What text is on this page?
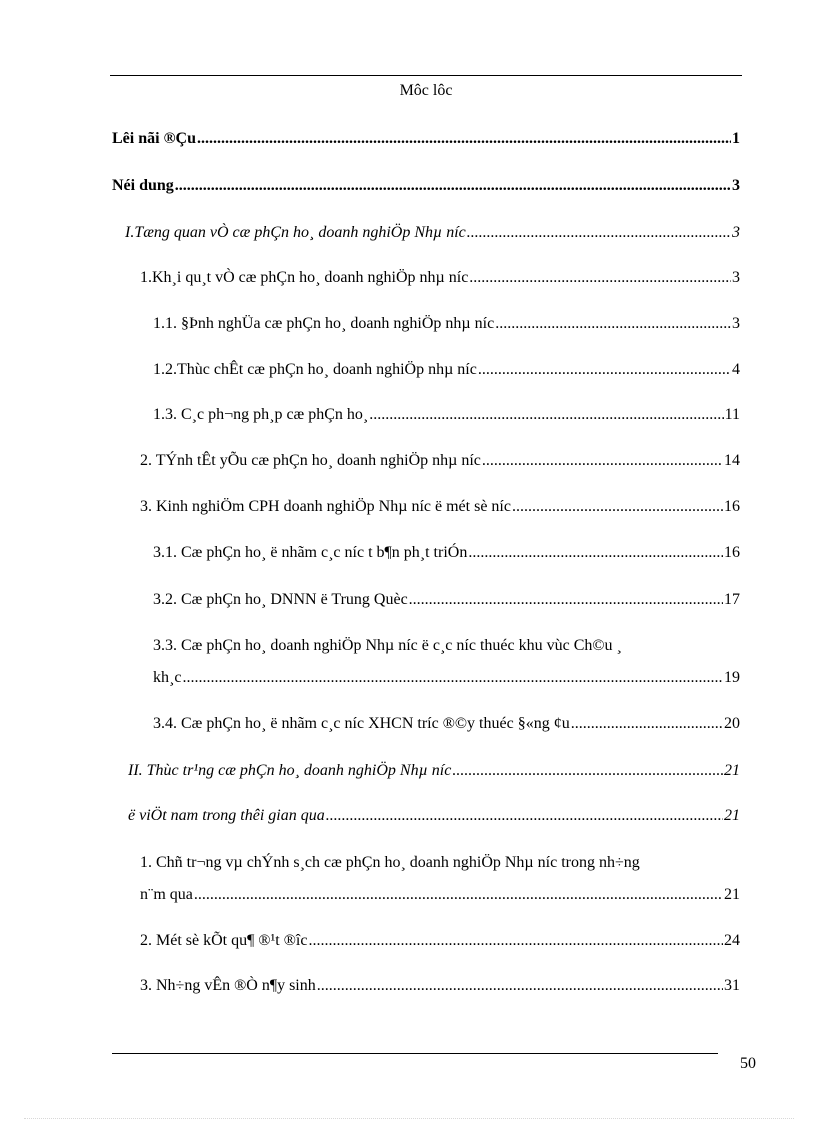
Môc lôc
Lêi nãi ®Çu .....	1
Néi dung .....	3
I.Tæng quan vÒ cæ phÇn ho¸ doanh nghiÖp Nhµ níc .....	3
1.Kh¸i qu¸t vÒ cæ phÇn ho¸ doanh nghiÖp nhµ níc .....	3
1.1. §Þnh nghÜa cæ phÇn ho¸ doanh nghiÖp nhµ níc .....	3
1.2.Thùc chÊt cæ phÇn ho¸ doanh nghiÖp nhµ níc .....	4
1.3. C¸c ph¬ng ph¸p cæ phÇn ho¸ .....	11
2. TÝnh tÊt yÕu cæ phÇn ho¸ doanh nghiÖp nhµ níc .....	14
3. Kinh nghiÖm CPH doanh nghiÖp Nhµ níc ë mét sè níc .....	16
3.1. Cæ phÇn ho¸ ë nhãm c¸c níc t b¶n ph¸t triÓn .....	16
3.2. Cæ phÇn ho¸ DNNN ë Trung Quèc .....	17
3.3. Cæ phÇn ho¸ doanh nghiÖp Nhµ níc ë c¸c níc thuéc khu vùc Ch©u ¸
kh¸c .....	19
3.4. Cæ phÇn ho¸ ë nhãm c¸c níc XHCN tríc ®©y thuéc §«ng ¢u .....	20
II. Thùc tr¹ng cæ phÇn ho¸ doanh nghiÖp Nhµ níc .....	21
ë viÖt nam trong thêi gian qua .....	21
1. Chñ tr¬ng vµ chÝnh s¸ch cæ phÇn ho¸ doanh nghiÖp Nhµ níc trong nh÷ng
n¨m qua .....	21
2. Mét sè kÕt qu¶ ®¹t ®îc .....	24
3. Nh÷ng vÊn ®Ò n¶y sinh .....	31
50
